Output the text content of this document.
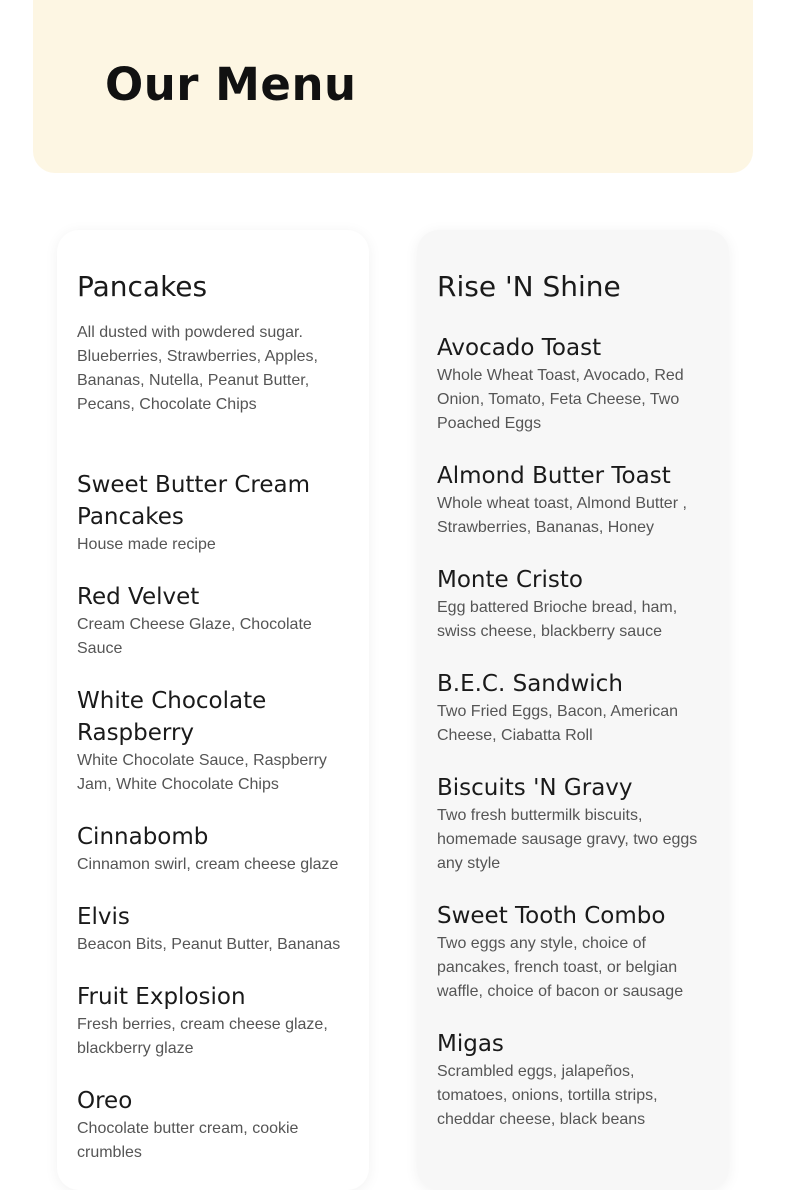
Our Menu
Pancakes

All dusted with powdered sugar. Blueberries, Strawberries, Apples, Bananas, Nutella, Peanut Butter, Pecans, Chocolate Chips

Sweet Butter Cream Pancakes
House made recipe
Red Velvet
Cream Cheese Glaze, Chocolate Sauce
White Chocolate Raspberry
White Chocolate Sauce, Raspberry Jam, White Chocolate Chips
Cinnabomb
Cinnamon swirl, cream cheese glaze
Elvis
Beacon Bits, Peanut Butter, Bananas
Fruit Explosion
Fresh berries, cream cheese glaze, blackberry glaze
Oreo
Chocolate butter cream, cookie crumbles
Rise 'N Shine
Avocado Toast
Whole Wheat Toast, Avocado, Red Onion, Tomato, Feta Cheese, Two Poached Eggs
Almond Butter Toast
Whole wheat toast, Almond Butter , Strawberries, Bananas, Honey
Monte Cristo
Egg battered Brioche bread, ham, swiss cheese, blackberry sauce
B.E.C. Sandwich
Two Fried Eggs, Bacon, American Cheese, Ciabatta Roll
Biscuits 'N Gravy
Two fresh buttermilk biscuits, homemade sausage gravy, two eggs any style
Sweet Tooth Combo
Two eggs any style, choice of pancakes, french toast, or belgian waffle, choice of bacon or sausage
Migas
Scrambled eggs, jalapeños, tomatoes, onions, tortilla strips, cheddar cheese, black beans
